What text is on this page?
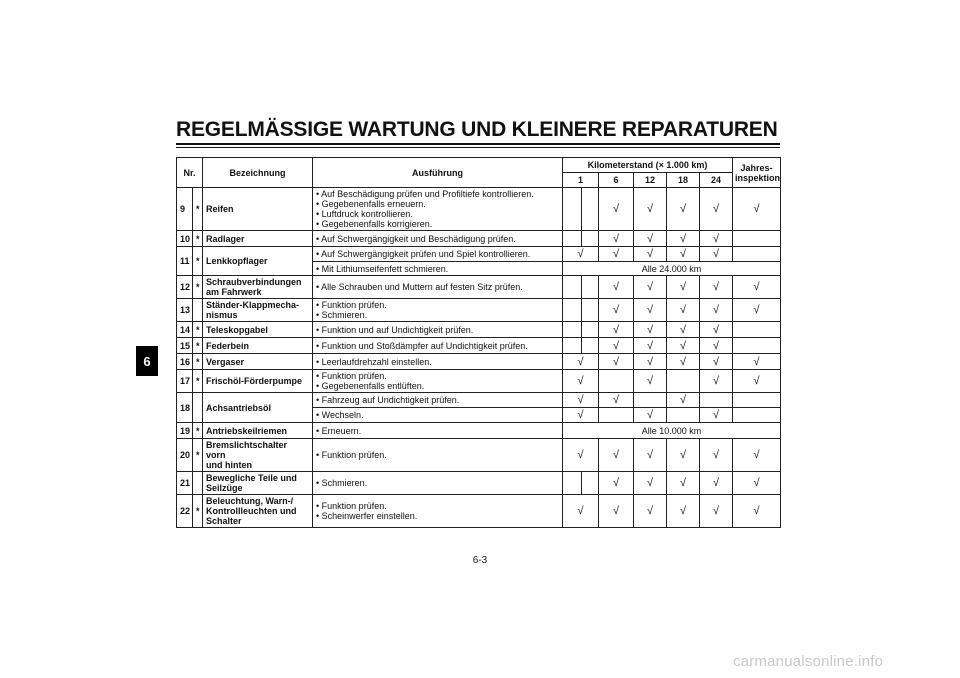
REGELMÄSSIGE WARTUNG UND KLEINERE REPARATUREN
6
Nr.		Bezeichnung	Ausführung	Kilometerstand (× 1.000 km)						Jahres-
inspektion
				1		6	12	18	24	
9	*	Reifen	• Auf Beschädigung prüfen und Profiltiefe kontrollieren.
• Gegebenenfalls erneuern.
• Luftdruck kontrollieren.
• Gegebenenfalls korrigieren.			√	√	√	√	√
10	*	Radlager	• Auf Schwergängigkeit und Beschädigung prüfen.			√	√	√	√	
11	*	Lenkkopflager	• Auf Schwergängigkeit prüfen und Spiel kontrollieren.	√		√	√	√	√	
			• Mit Lithiumseifenfett schmieren.	Alle 24.000 km						
12	*	Schraubverbindungen
am Fahrwerk	• Alle Schrauben und Muttern auf festen Sitz prüfen.			√	√	√	√	√
13		Ständer-Klappmecha-
nismus	• Funktion prüfen.
• Schmieren.			√	√	√	√	√
14	*	Teleskopgabel	• Funktion und auf Undichtigkeit prüfen.			√	√	√	√	
15	*	Federbein	• Funktion und Stoßdämpfer auf Undichtigkeit prüfen.			√	√	√	√	
16	*	Vergaser	• Leerlaufdrehzahl einstellen.	√		√	√	√	√	√
17	*	Frischöl-Förderpumpe	• Funktion prüfen.
• Gegebenenfalls entlüften.	√			√		√	√
18		Achsantriebsöl	• Fahrzeug auf Undichtigkeit prüfen.	√		√		√		
			• Wechseln.	√			√		√	
19	*	Antriebskeilriemen	• Erneuern.	Alle 10.000 km						
20	*	Bremslichtschalter vorn
und hinten	• Funktion prüfen.	√		√	√	√	√	√
21		Bewegliche Teile und
Seilzüge	• Schmieren.			√	√	√	√	√
22	*	Beleuchtung, Warn-/
Kontrollleuchten und
Schalter	• Funktion prüfen.
• Scheinwerfer einstellen.	√		√	√	√	√	√
6-3
carmanualsonline.info
